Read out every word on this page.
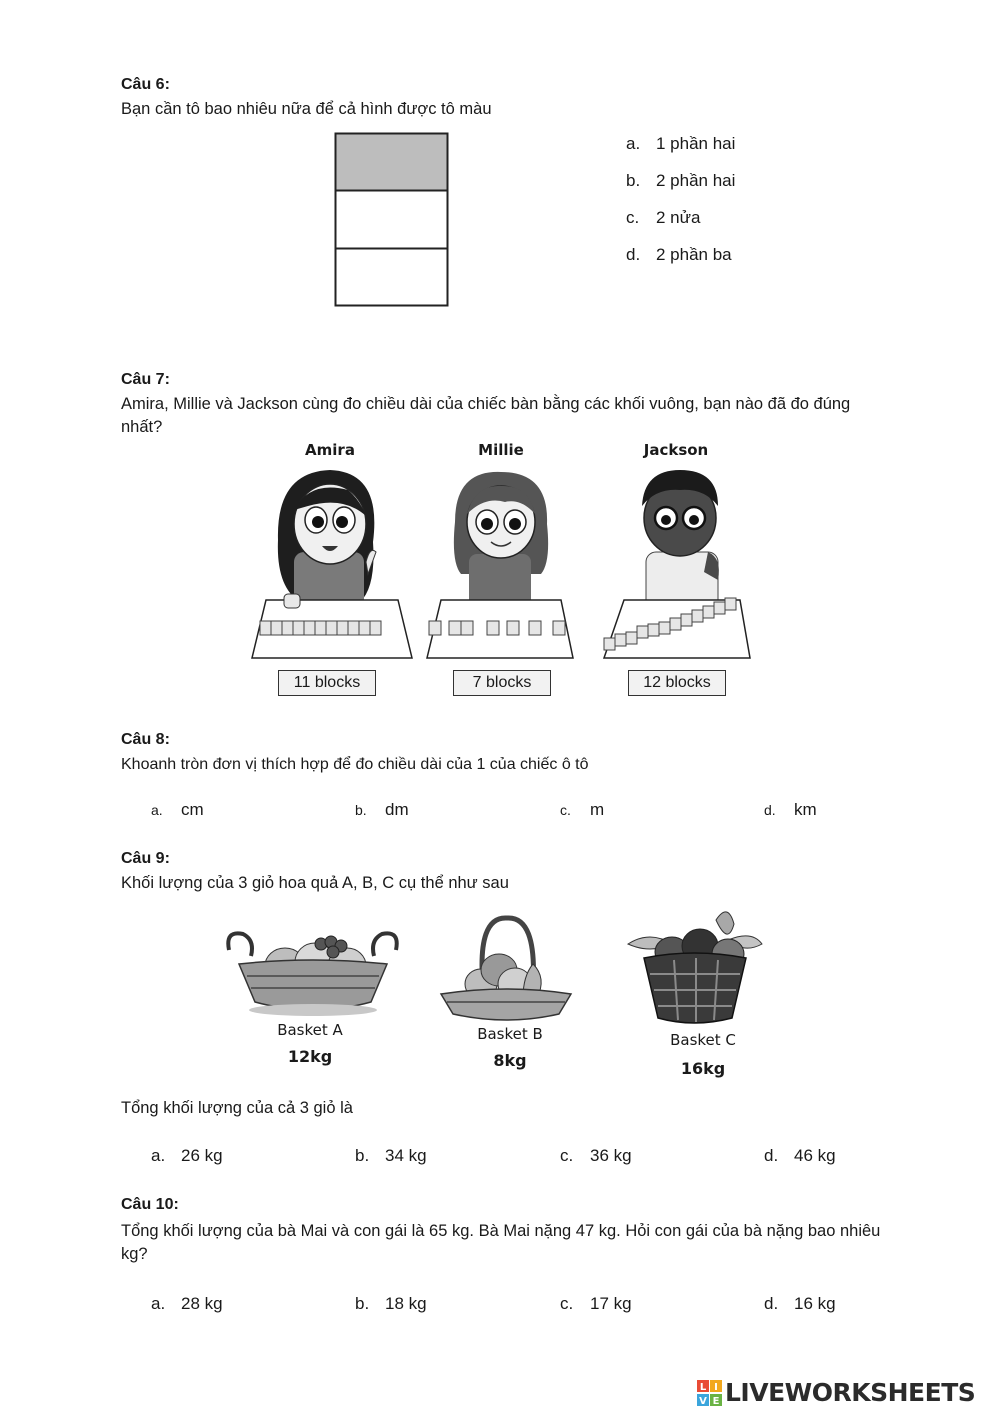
Câu 6:
Bạn cần tô bao nhiêu nữa để cả hình được tô màu
a. 1 phần hai
b. 2 phần hai
c. 2 nửa
d. 2 phần ba
Câu 7:
Amira, Millie và Jackson cùng đo chiều dài của chiếc bàn bằng các khối vuông, bạn nào đã đo đúng nhất?
Amira
11 blocks
Millie
7 blocks
Jackson
12 blocks
Câu 8:
Khoanh tròn đơn vị thích hợp để đo chiều dài của 1 của chiếc ô tô
a. cm	b. dm	c. m	d. km
Câu 9:
Khối lượng của 3 giỏ hoa quả A, B, C cụ thể như sau
Basket A
12kg
Basket B
8kg
Basket C
16kg
Tổng khối lượng của cả 3 giỏ là
a. 26 kg	b. 34 kg	c. 36 kg	d. 46 kg
Câu 10:
Tổng khối lượng của bà Mai và con gái là 65 kg. Bà Mai nặng 47 kg. Hỏi con gái của bà nặng bao nhiêu kg?
a. 28 kg	b. 18 kg	c. 17 kg	d. 16 kg
L I
V E LIVEWORKSHEETS
